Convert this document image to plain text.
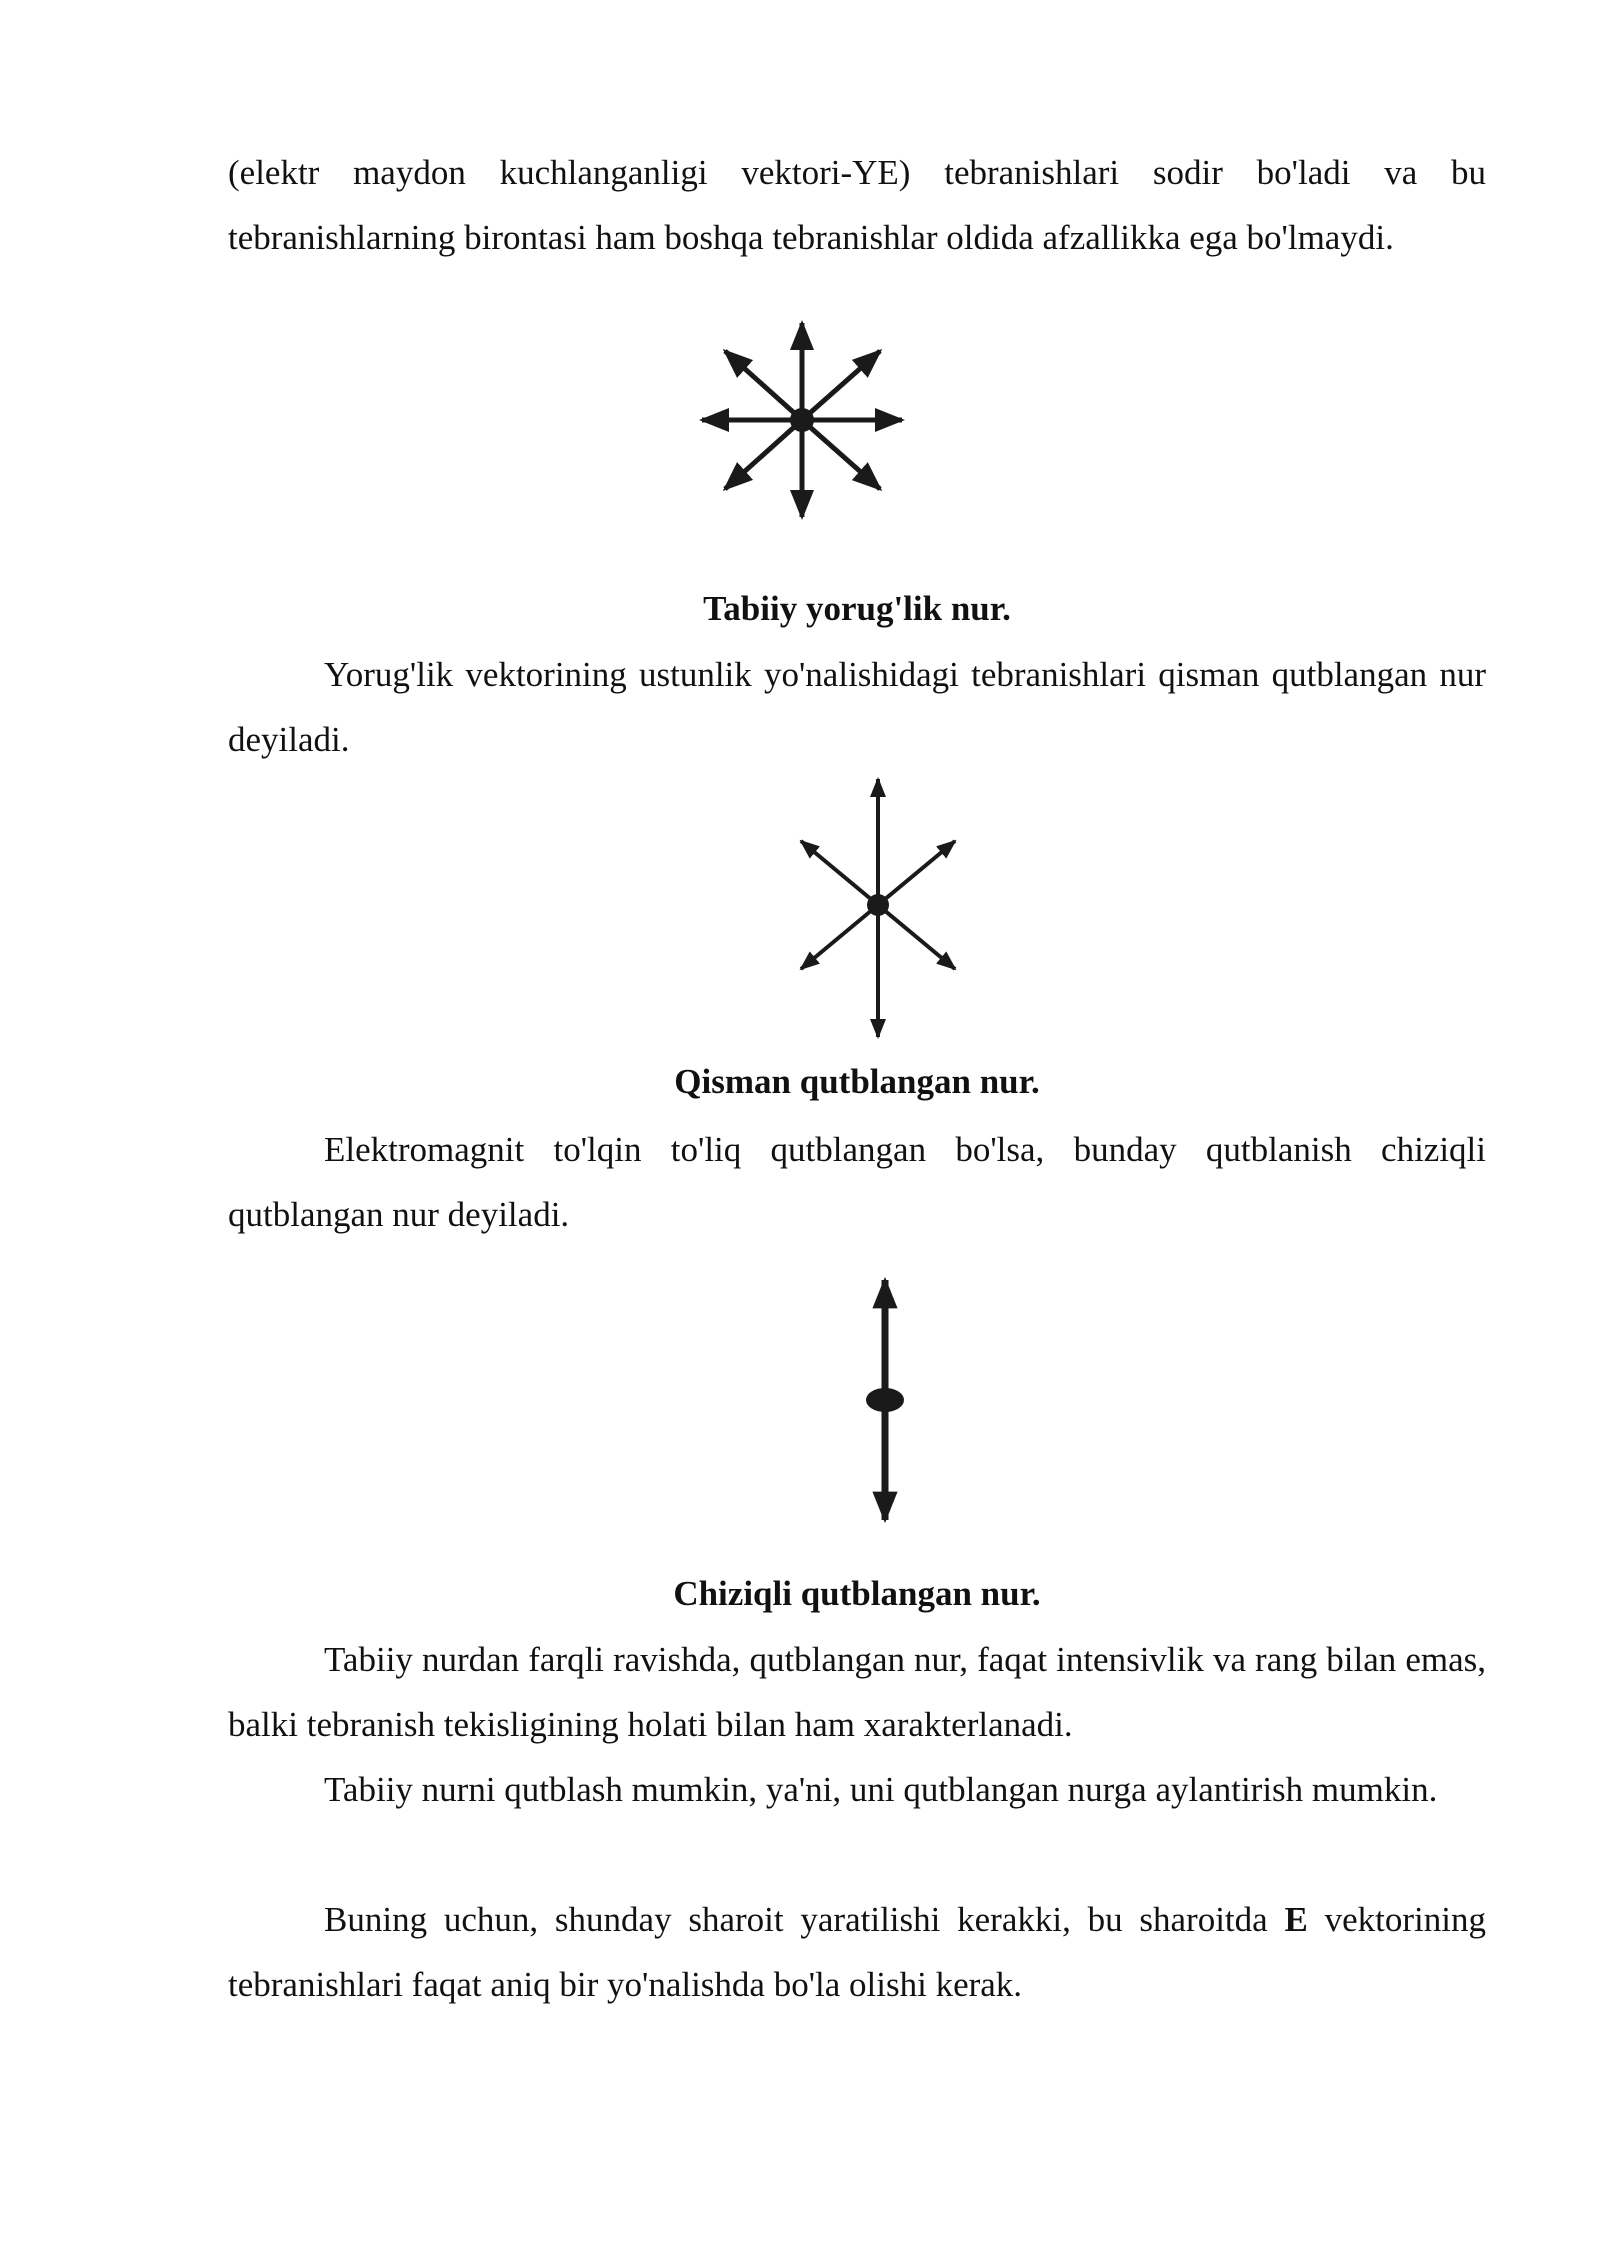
(elektr maydon kuchlanganligi vektori-YE) tebranishlari sodir bo'ladi va bu tebranishlarning birontasi ham boshqa tebranishlar oldida afzallikka ega bo'lmaydi.

Tabiiy yorug'lik nur.

Yorug'lik vektorining ustunlik yo'nalishidagi tebranishlari qisman qutblangan nur deyiladi.

Qisman qutblangan nur.

Elektromagnit to'lqin to'liq qutblangan bo'lsa, bunday qutblanish chiziqli qutblangan nur deyiladi.

Chiziqli qutblangan nur.

Tabiiy nurdan farqli ravishda, qutblangan nur, faqat intensivlik va rang bilan emas, balki tebranish tekisligining holati bilan ham xarakterlanadi.

Tabiiy nurni qutblash mumkin, ya'ni, uni qutblangan nurga aylantirish mumkin.

Buning uchun, shunday sharoit yaratilishi kerakki, bu sharoitda E vektorining tebranishlari faqat aniq bir yo'nalishda bo'la olishi kerak.
